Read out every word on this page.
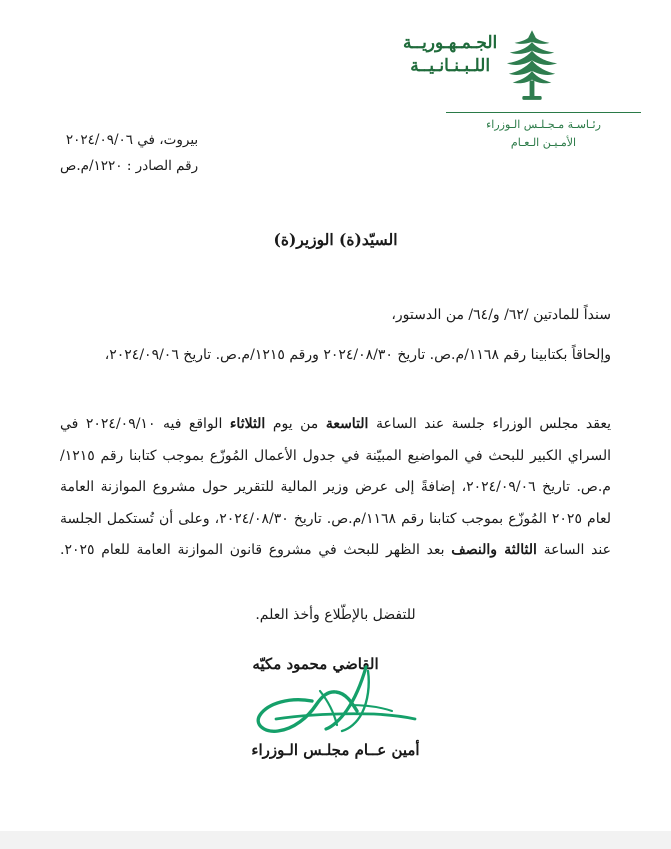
الجـمـهـوريــة
اللـبـنـانـيــة
رئـاسـة مـجـلـس الـوزراء
الأمـيـن الـعـام
بيروت، في ٢٠٢٤/٠٩/٠٦
رقم الصادر : ١٢٢٠/م.ص
السيّد(ة) الوزير(ة)

سنداً للمادتين /٦٢/ و/٦٤/ من الدستور،

وإلحاقاً بكتابينا رقم ١١٦٨/م.ص. تاريخ ٢٠٢٤/٠٨/٣٠ ورقم ١٢١٥/م.ص. تاريخ ٢٠٢٤/٠٩/٠٦،

يعقد مجلس الوزراء جلسة عند الساعة التاسعة من يوم الثلاثاء الواقع فيه ٢٠٢٤/٠٩/١٠ في السراي الكبير للبحث في المواضيع المبيّنة في جدول الأعمال المُوزّع بموجب كتابنا رقم ١٢١٥/م.ص. تاريخ ٢٠٢٤/٠٩/٠٦، إضافةً إلى عرض وزير المالية للتقرير حول مشروع الموازنة العامة لعام ٢٠٢٥ المُوزّع بموجب كتابنا رقم ١١٦٨/م.ص. تاريخ ٢٠٢٤/٠٨/٣٠، وعلى أن تُستكمل الجلسة عند الساعة الثالثة والنصف بعد الظهر للبحث في مشروع قانون الموازنة العامة للعام ٢٠٢٥.

للتفضل بالإطّلاع وأخذ العلم.

القاضي محمود مكيّه
أمين عــام مجلـس الـوزراء
